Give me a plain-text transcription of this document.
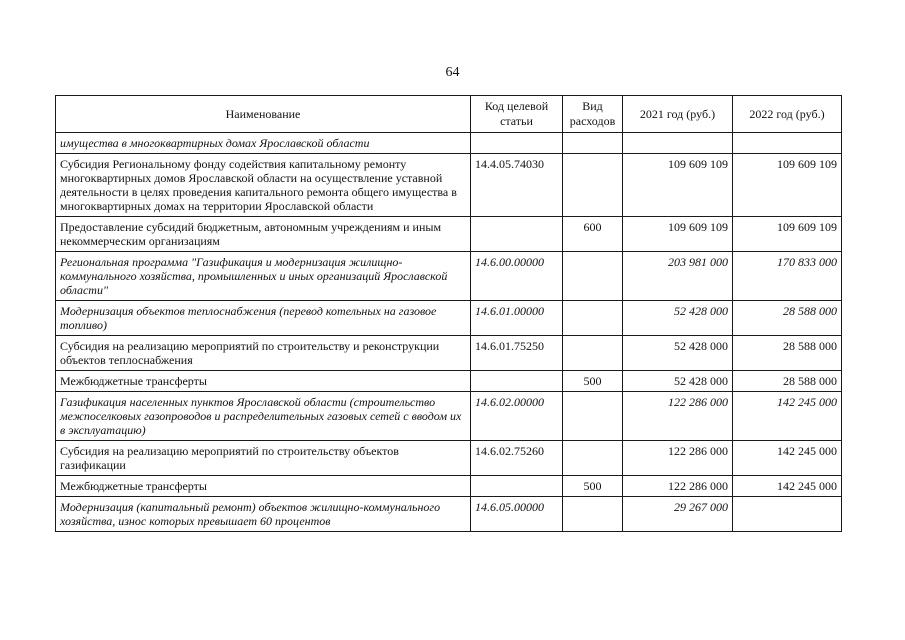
64
Наименование	Код целевой статьи	Вид расходов	2021 год (руб.)	2022 год (руб.)
имущества в многоквартирных домах Ярославской области				
Субсидия Региональному фонду содействия капитальному ремонту многоквартирных домов Ярославской области на осуществление уставной деятельности в целях проведения капитального ремонта общего имущества в многоквартирных домах на территории Ярославской области	14.4.05.74030		109 609 109	109 609 109
Предоставление субсидий бюджетным, автономным учреждениям и иным некоммерческим организациям		600	109 609 109	109 609 109
Региональная программа "Газификация и модернизация жилищно-коммунального хозяйства, промышленных и иных организаций Ярославской области"	14.6.00.00000		203 981 000	170 833 000
Модернизация объектов теплоснабжения (перевод котельных на газовое топливо)	14.6.01.00000		52 428 000	28 588 000
Субсидия на реализацию мероприятий по строительству и реконструкции объектов теплоснабжения	14.6.01.75250		52 428 000	28 588 000
Межбюджетные трансферты		500	52 428 000	28 588 000
Газификация населенных пунктов Ярославской области (строительство межпоселковых газопроводов и распределительных газовых сетей с вводом их в эксплуатацию)	14.6.02.00000		122 286 000	142 245 000
Субсидия на реализацию мероприятий по строительству объектов газификации	14.6.02.75260		122 286 000	142 245 000
Межбюджетные трансферты		500	122 286 000	142 245 000
Модернизация (капитальный ремонт) объектов жилищно-коммунального хозяйства, износ которых превышает 60 процентов	14.6.05.00000		29 267 000	
